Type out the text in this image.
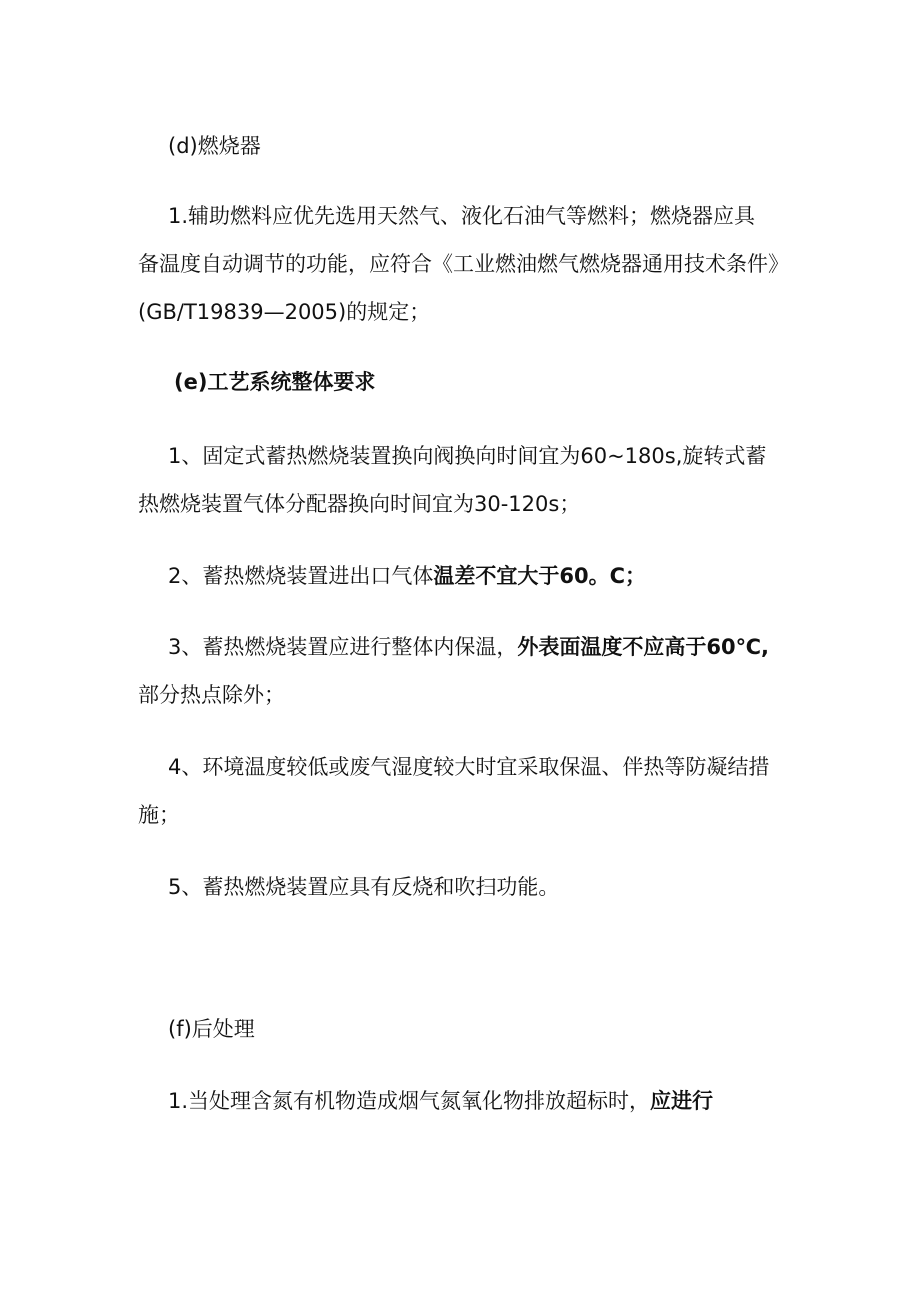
(d)燃烧器

1.辅助燃料应优先选用天然气、液化石油气等燃料；燃烧器应具
备温度自动调节的功能，应符合《工业燃油燃气燃烧器通用技术条件》
(GB/T19839—2005)的规定；

(e)工艺系统整体要求

1、固定式蓄热燃烧装置换向阀换向时间宜为60~180s,旋转式蓄
热燃烧装置气体分配器换向时间宜为30-120s；

2、蓄热燃烧装置进出口气体温差不宜大于60。C；

3、蓄热燃烧装置应进行整体内保温，外表面温度不应高于60℃,
部分热点除外；

4、环境温度较低或废气湿度较大时宜采取保温、伴热等防凝结措
施；

5、蓄热燃烧装置应具有反烧和吹扫功能。

(f)后处理

1.当处理含氮有机物造成烟气氮氧化物排放超标时，应进行
